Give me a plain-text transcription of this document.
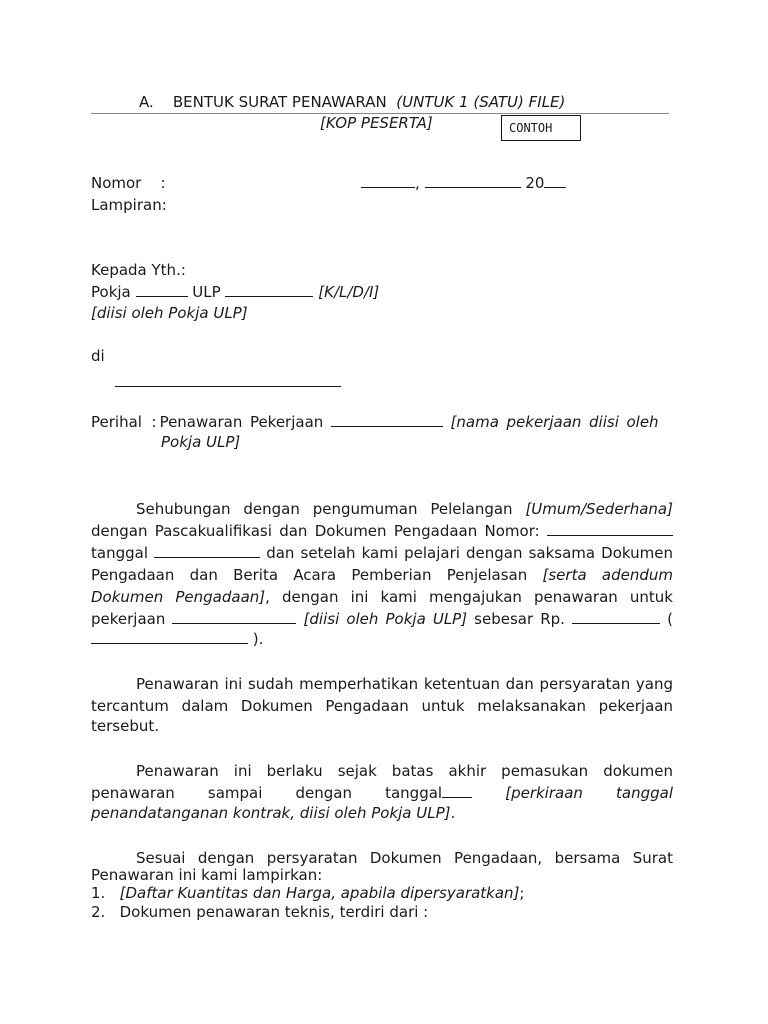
A. BENTUK SURAT PENAWARAN (UNTUK 1 (SATU) FILE)
[KOP PESERTA]	CONTOH
Nomor :	,	20
Lampiran:
Kepada Yth.:
Pokja	ULP	[K/L/D/I]
[diisi oleh Pokja ULP]
di
Perihal : Penawaran Pekerjaan	[nama pekerjaan diisi oleh
Pokja ULP]
Sehubungan dengan pengumuman Pelelangan [Umum/Sederhana]
dengan Pascakualifikasi dan Dokumen Pengadaan Nomor:
tanggal	dan setelah kami pelajari dengan saksama Dokumen
Pengadaan dan Berita Acara Pemberian Penjelasan [serta adendum
Dokumen Pengadaan], dengan ini kami mengajukan penawaran untuk
pekerjaan	[diisi oleh Pokja ULP] sebesar Rp.	(
).
Penawaran ini sudah memperhatikan ketentuan dan persyaratan yang
tercantum dalam Dokumen Pengadaan untuk melaksanakan pekerjaan
tersebut.
Penawaran ini berlaku sejak batas akhir pemasukan dokumen
penawaran sampai dengan tanggal	[perkiraan tanggal
penandatanganan kontrak, diisi oleh Pokja ULP].
Sesuai dengan persyaratan Dokumen Pengadaan, bersama Surat
Penawaran ini kami lampirkan:
1. [Daftar Kuantitas dan Harga, apabila dipersyaratkan];
2. Dokumen penawaran teknis, terdiri dari :
